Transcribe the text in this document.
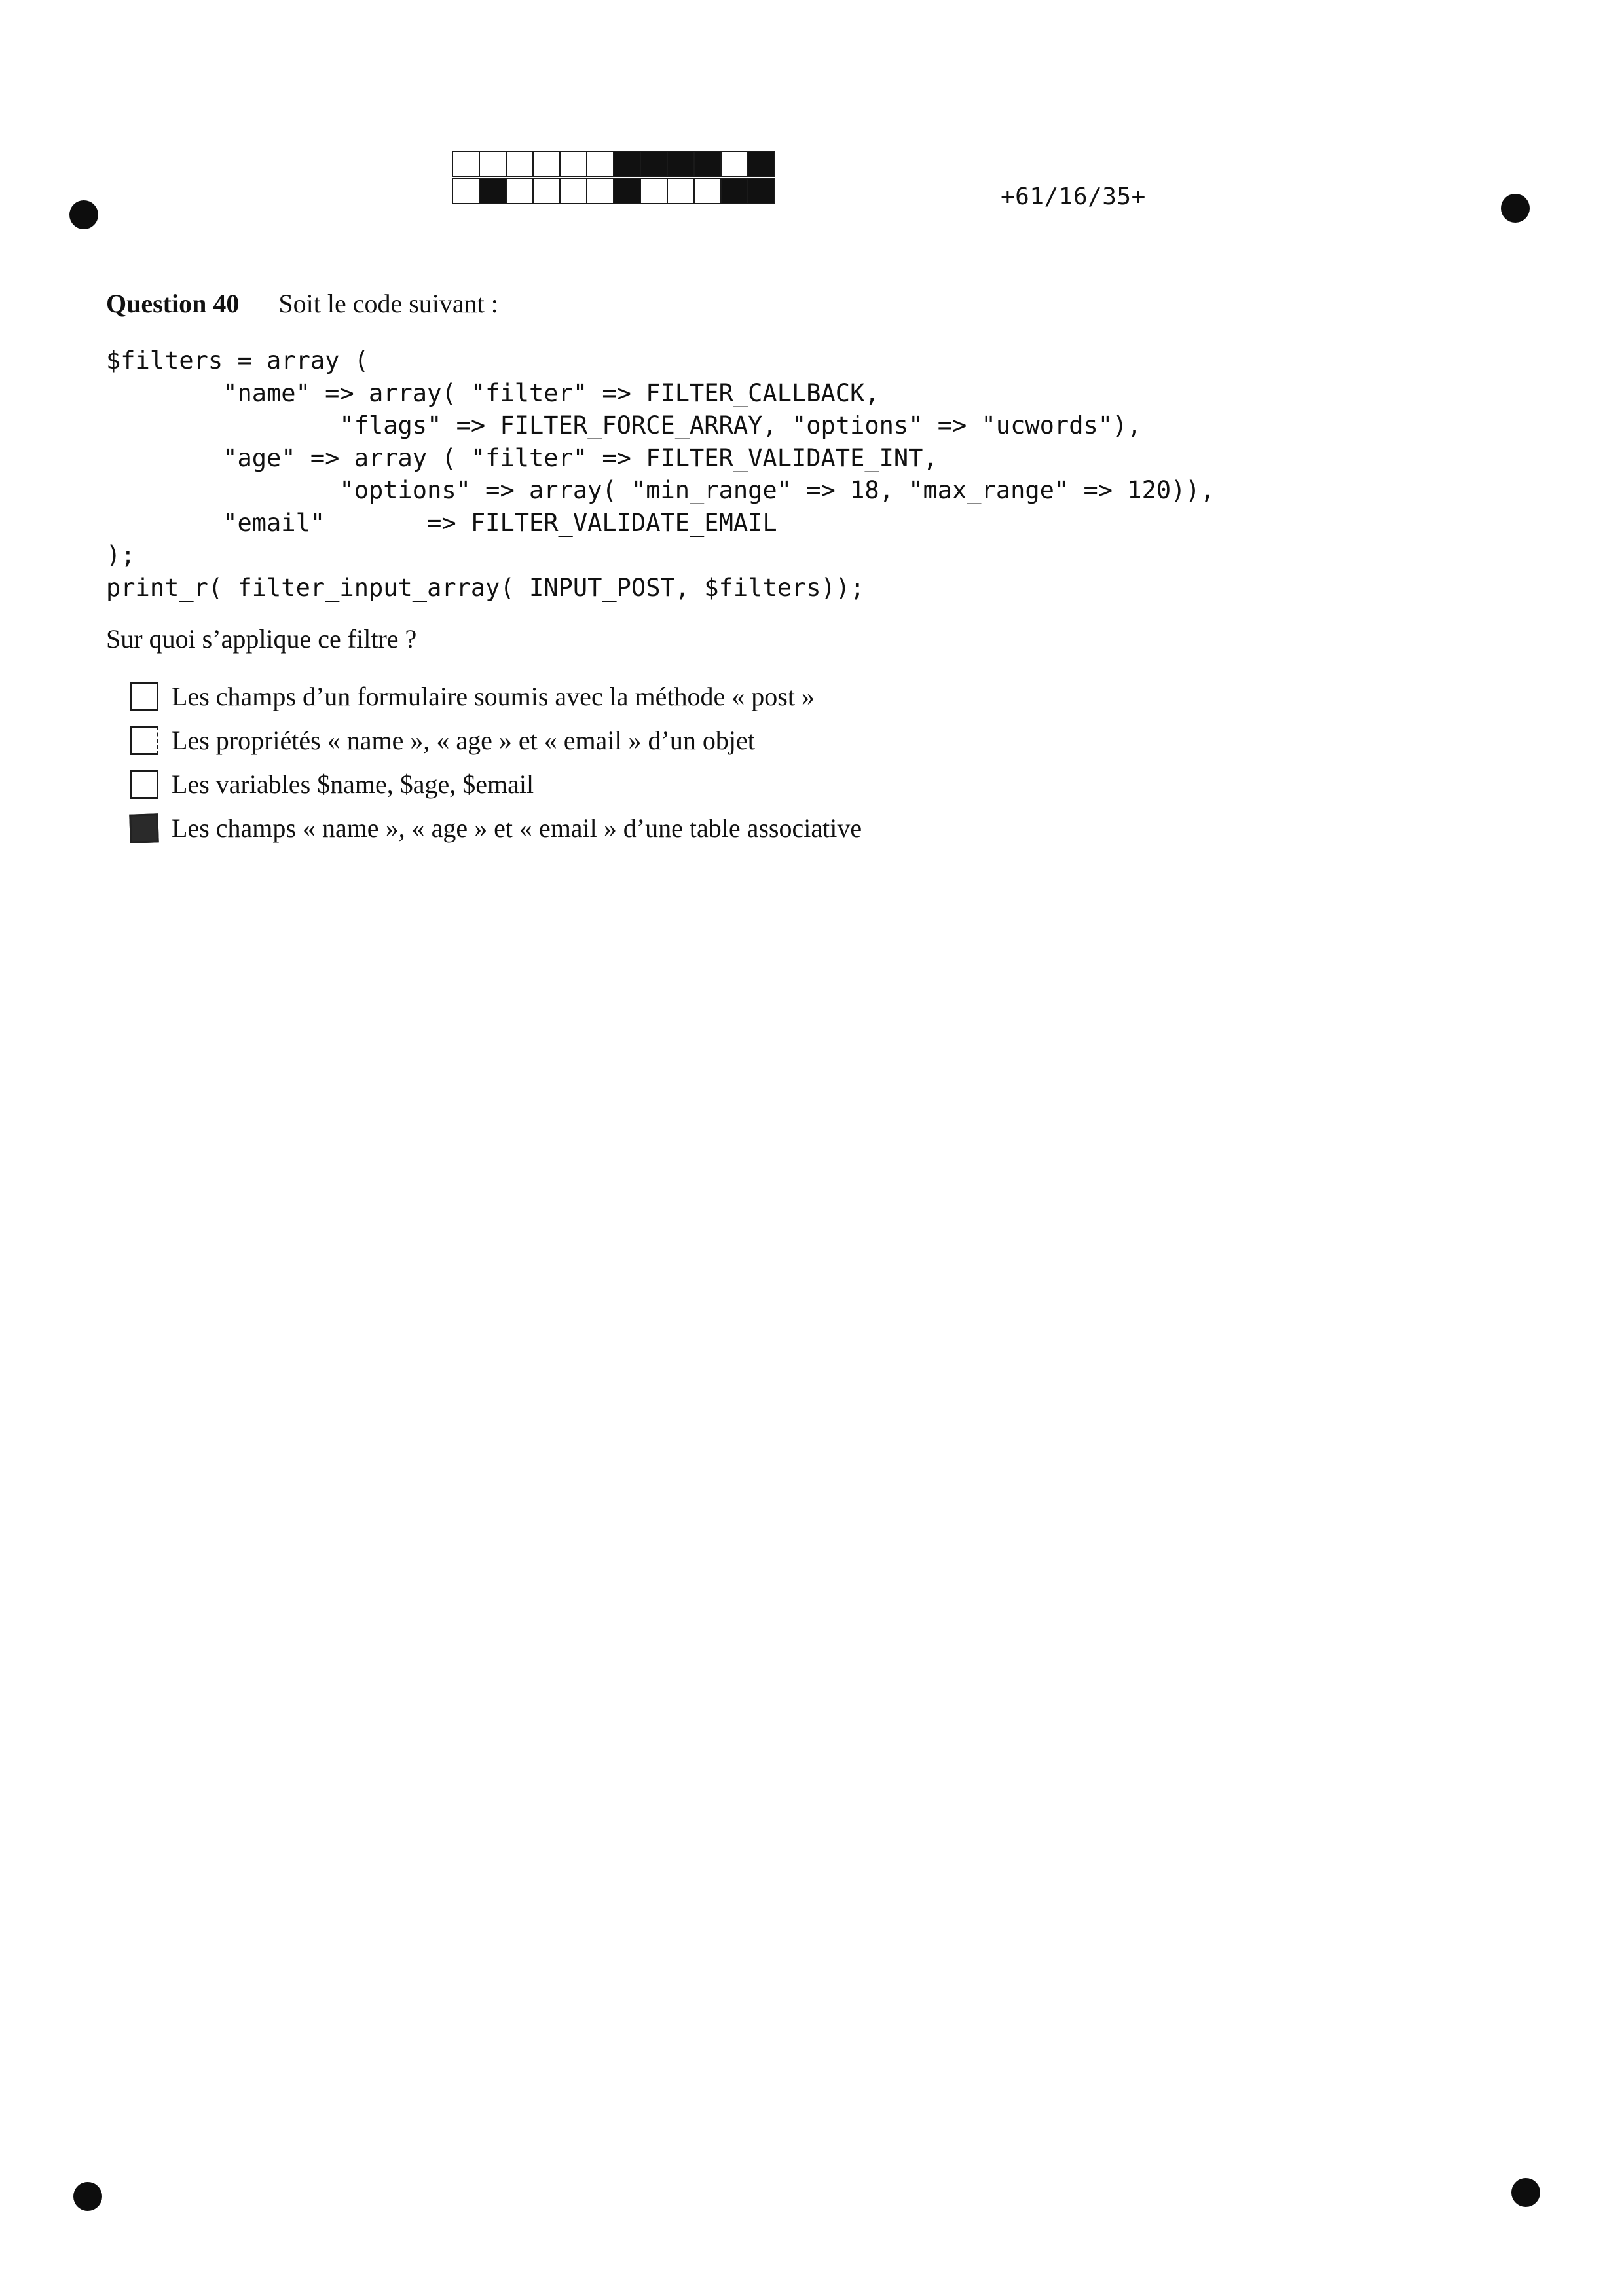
+61/16/35+
Question 40 Soit le code suivant :
$filters = array (
"name" => array( "filter" => FILTER_CALLBACK,
"flags" => FILTER_FORCE_ARRAY, "options" => "ucwords"),
"age" => array ( "filter" => FILTER_VALIDATE_INT,
"options" => array( "min_range" => 18, "max_range" => 120)),
"email"       => FILTER_VALIDATE_EMAIL
);
print_r( filter_input_array( INPUT_POST, $filters));
Sur quoi s’applique ce filtre ?
Les champs d’un formulaire soumis avec la méthode « post »
Les propriétés « name », « age » et « email » d’un objet
Les variables $name, $age, $email
Les champs « name », « age » et « email » d’une table associative
